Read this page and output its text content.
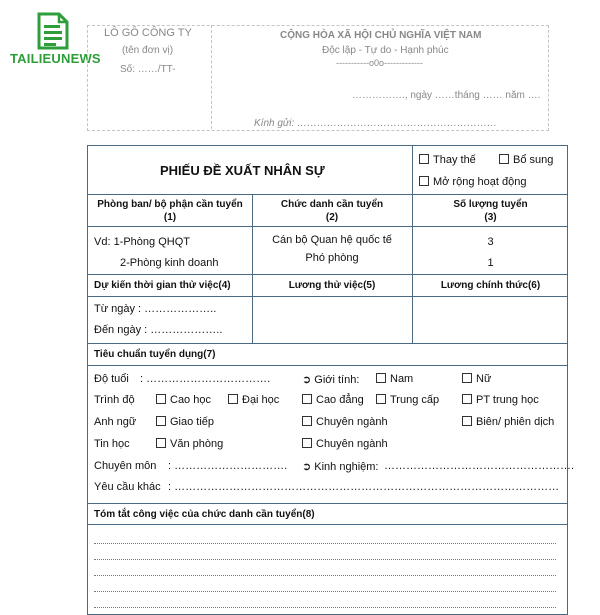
TAILIEUNEWS
LÔ GÔ CÔNG TY
(tên đơn vị)
Số: ……/TT-
CỘNG HÒA XÃ HỘI CHỦ NGHĨA VIỆT NAM
Độc lập - Tự do - Hạnh phúc
-----------o0o-------------
……………., ngày ……tháng …… năm ….
Kính gửi: ……………………………………………………
PHIẾU ĐỀ XUẤT NHÂN SỰ
Thay thế	Bổ sung
Mở rộng hoạt động
Phòng ban/ bộ phận cần tuyển
(1)
Chức danh cần tuyển
(2)
Số lượng tuyển
(3)
Vd: 1-Phòng QHQT	Cán bộ Quan hệ quốc tế	3
2-Phòng kinh doanh	Phó phòng	1
Dự kiến thời gian thử việc(4)	Lương thử việc(5)	Lương chính thức(6)
Từ ngày : ………………..
Đến ngày : ………………..
Tiêu chuẩn tuyển dụng(7)
Độ tuổi : …………………………….	➲ Giới tính:	Nam	Nữ
Trình độ	Cao học	Đại học	Cao đẳng	Trung cấp	PT trung học
Anh ngữ	Giao tiếp	Chuyên ngành	Biên/ phiên dịch
Tin học	Văn phòng	Chuyên ngành
Chuyên môn : …………………………. ➲ Kinh nghiệm: …………………………………………….
Yêu cầu khác : ……………………………………………………………………………………………
Tóm tắt công việc của chức danh cần tuyển(8)
